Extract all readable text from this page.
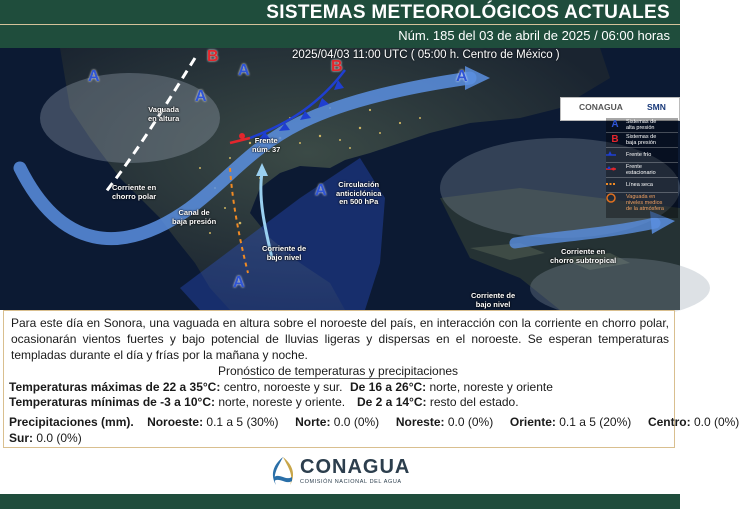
SISTEMAS METEOROLÓGICOS ACTUALES
Núm. 185 del 03 de abril de 2025 / 06:00 horas
A
A
A	A
A
A
B
B
Vaguada
en altura
Frente
núm. 37
Circulación
anticiclónica
en 500 hPa
Corriente en
chorro polar
Canal de
baja presión
Corriente de
bajo nivel
Corriente de
bajo nivel
Corriente en
chorro subtropical
CONAGUA	SMN
A Sistemas de
alta presión
B Sistemas de
baja presión
Frente frío
Frente
estacionario
Línea seca
Vaguada en
niveles medios
de la atmósfera
2025/04/03 11:00 UTC ( 05:00 h. Centro de México )
Para este día en Sonora, una vaguada en altura sobre el noroeste del país, en interacción con la corriente en chorro polar, ocasionarán vientos fuertes y bajo potencial de lluvias ligeras y dispersas en el noroeste. Se esperan temperaturas templadas durante el día y frías por la mañana y noche.
Pronóstico de temperaturas y precipitaciones
Temperaturas máximas de 22 a 35°C: centro, noroeste y sur. De 16 a 26°C: norte, noreste y oriente
Temperaturas mínimas de -3 a 10°C: norte, noreste y oriente. De 2 a 14°C: resto del estado.
Precipitaciones (mm). Noroeste: 0.1 a 5 (30%) Norte: 0.0 (0%) Noreste: 0.0 (0%) Oriente: 0.1 a 5 (20%) Centro: 0.0 (0%)
Sur: 0.0 (0%)
CONAGUA
COMISIÓN NACIONAL DEL AGUA
